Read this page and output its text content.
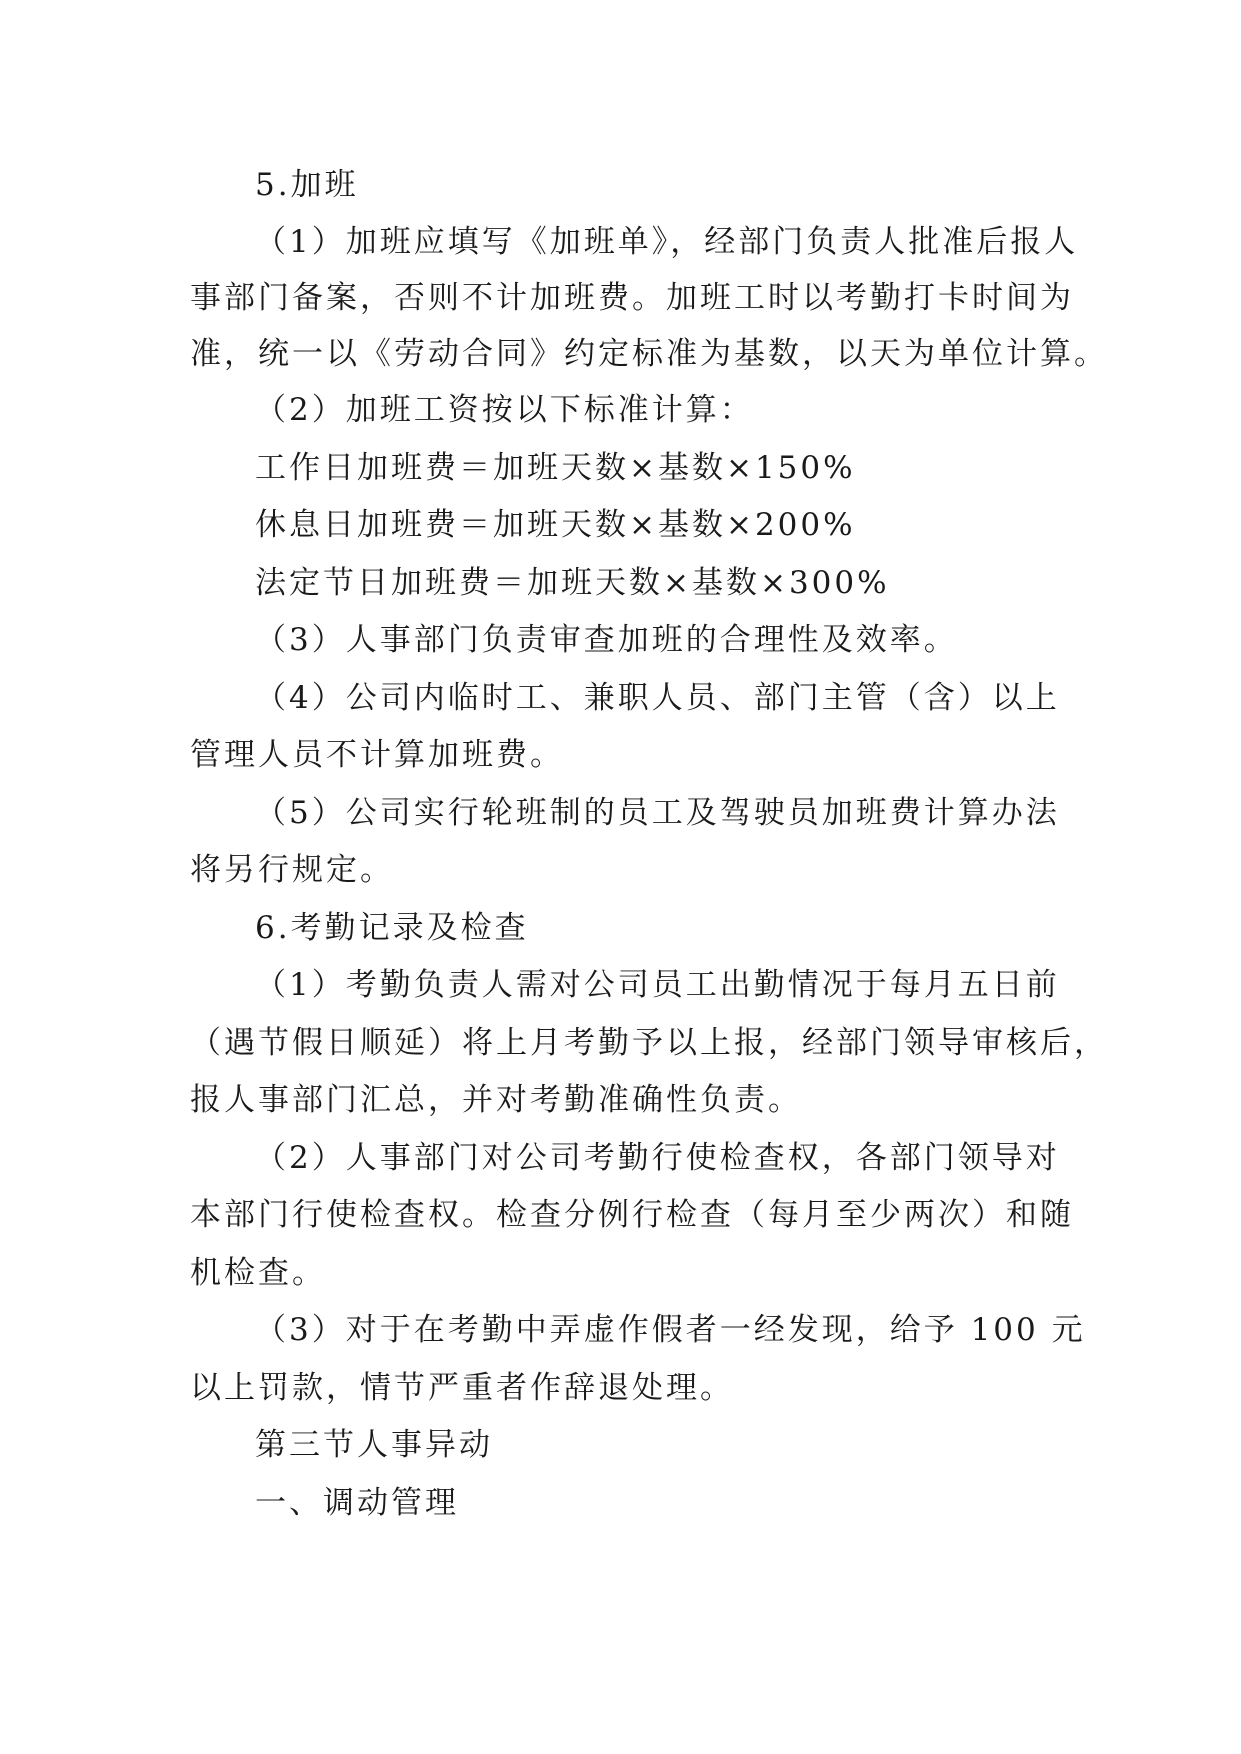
5.加班
（1）加班应填写《加班单》，经部门负责人批准后报人
事部门备案，否则不计加班费。加班工时以考勤打卡时间为
准，统一以《劳动合同》约定标准为基数，以天为单位计算。
（2）加班工资按以下标准计算：
工作日加班费＝加班天数×基数×150%
休息日加班费＝加班天数×基数×200%
法定节日加班费＝加班天数×基数×300%
（3）人事部门负责审查加班的合理性及效率。
（4）公司内临时工、兼职人员、部门主管（含）以上
管理人员不计算加班费。
（5）公司实行轮班制的员工及驾驶员加班费计算办法
将另行规定。
6.考勤记录及检查
（1）考勤负责人需对公司员工出勤情况于每月五日前
（遇节假日顺延）将上月考勤予以上报，经部门领导审核后，
报人事部门汇总，并对考勤准确性负责。
（2）人事部门对公司考勤行使检查权，各部门领导对
本部门行使检查权。检查分例行检查（每月至少两次）和随
机检查。
（3）对于在考勤中弄虚作假者一经发现，给予 100 元
以上罚款，情节严重者作辞退处理。
第三节人事异动
一、调动管理
